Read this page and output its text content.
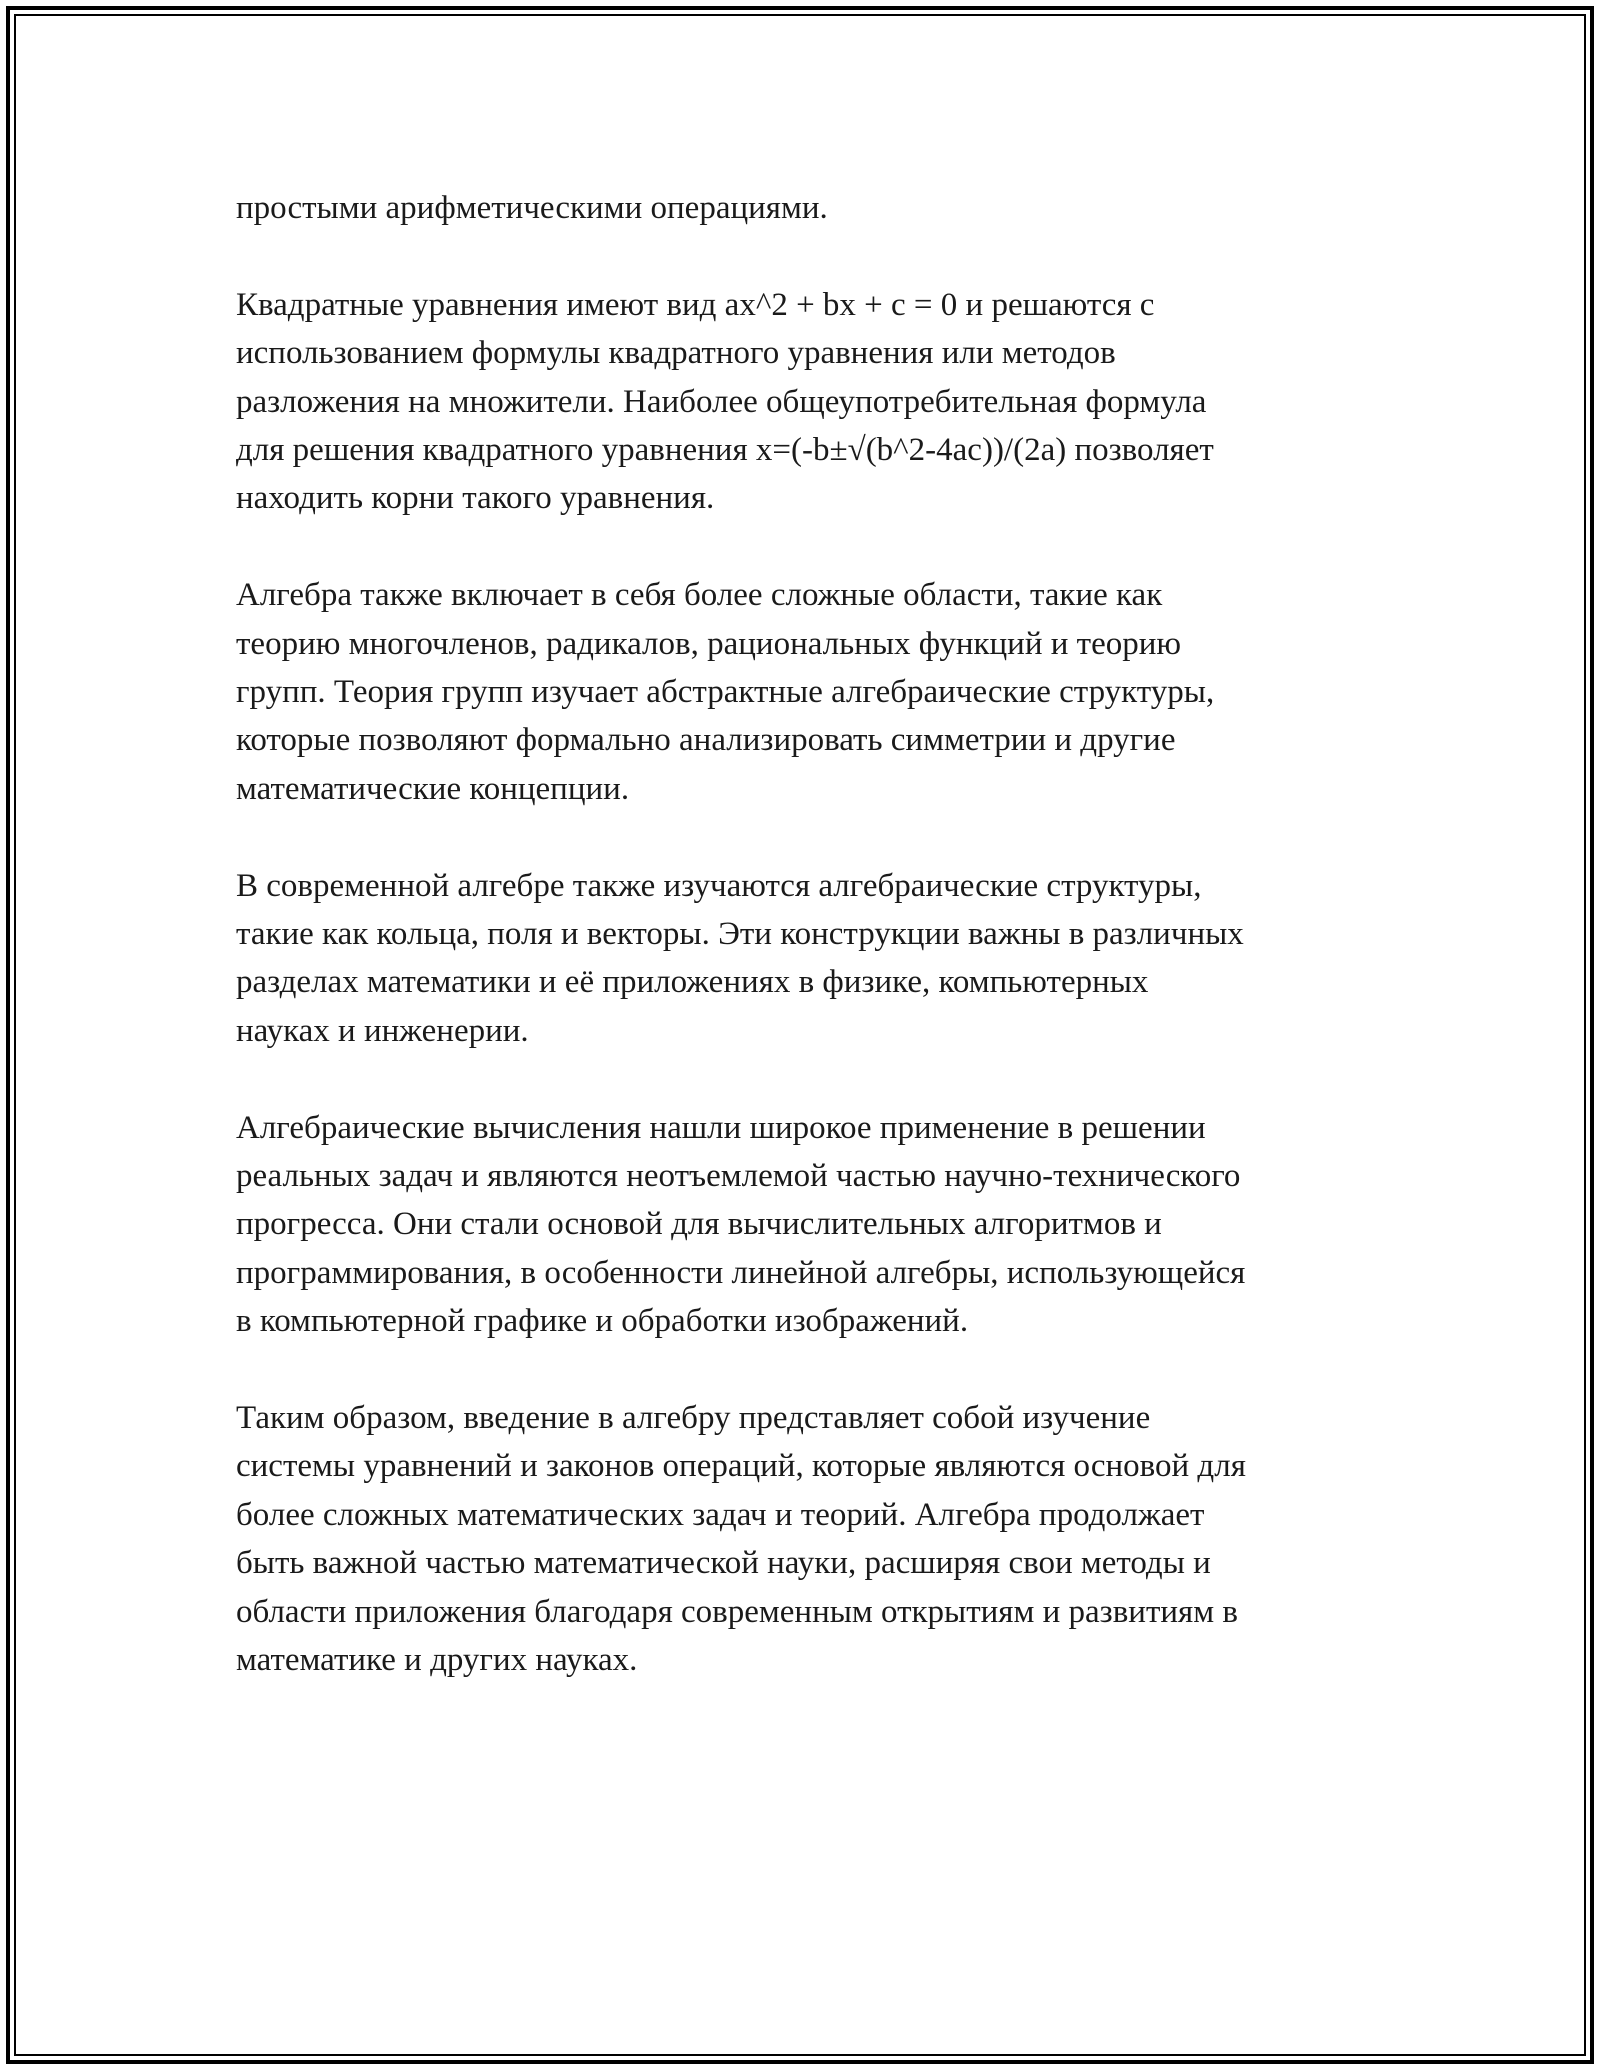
простыми арифметическими операциями.
Квадратные уравнения имеют вид ax^2 + bx + c = 0 и решаются с
использованием формулы квадратного уравнения или методов
разложения на множители. Наиболее общеупотребительная формула
для решения квадратного уравнения x=(-b±√(b^2-4ac))/(2a) позволяет
находить корни такого уравнения.
Алгебра также включает в себя более сложные области, такие как
теорию многочленов, радикалов, рациональных функций и теорию
групп. Теория групп изучает абстрактные алгебраические структуры,
которые позволяют формально анализировать симметрии и другие
математические концепции.
В современной алгебре также изучаются алгебраические структуры,
такие как кольца, поля и векторы. Эти конструкции важны в различных
разделах математики и её приложениях в физике, компьютерных
науках и инженерии.
Алгебраические вычисления нашли широкое применение в решении
реальных задач и являются неотъемлемой частью научно-технического
прогресса. Они стали основой для вычислительных алгоритмов и
программирования, в особенности линейной алгебры, использующейся
в компьютерной графике и обработки изображений.
Таким образом, введение в алгебру представляет собой изучение
системы уравнений и законов операций, которые являются основой для
более сложных математических задач и теорий. Алгебра продолжает
быть важной частью математической науки, расширяя свои методы и
области приложения благодаря современным открытиям и развитиям в
математике и других науках.
